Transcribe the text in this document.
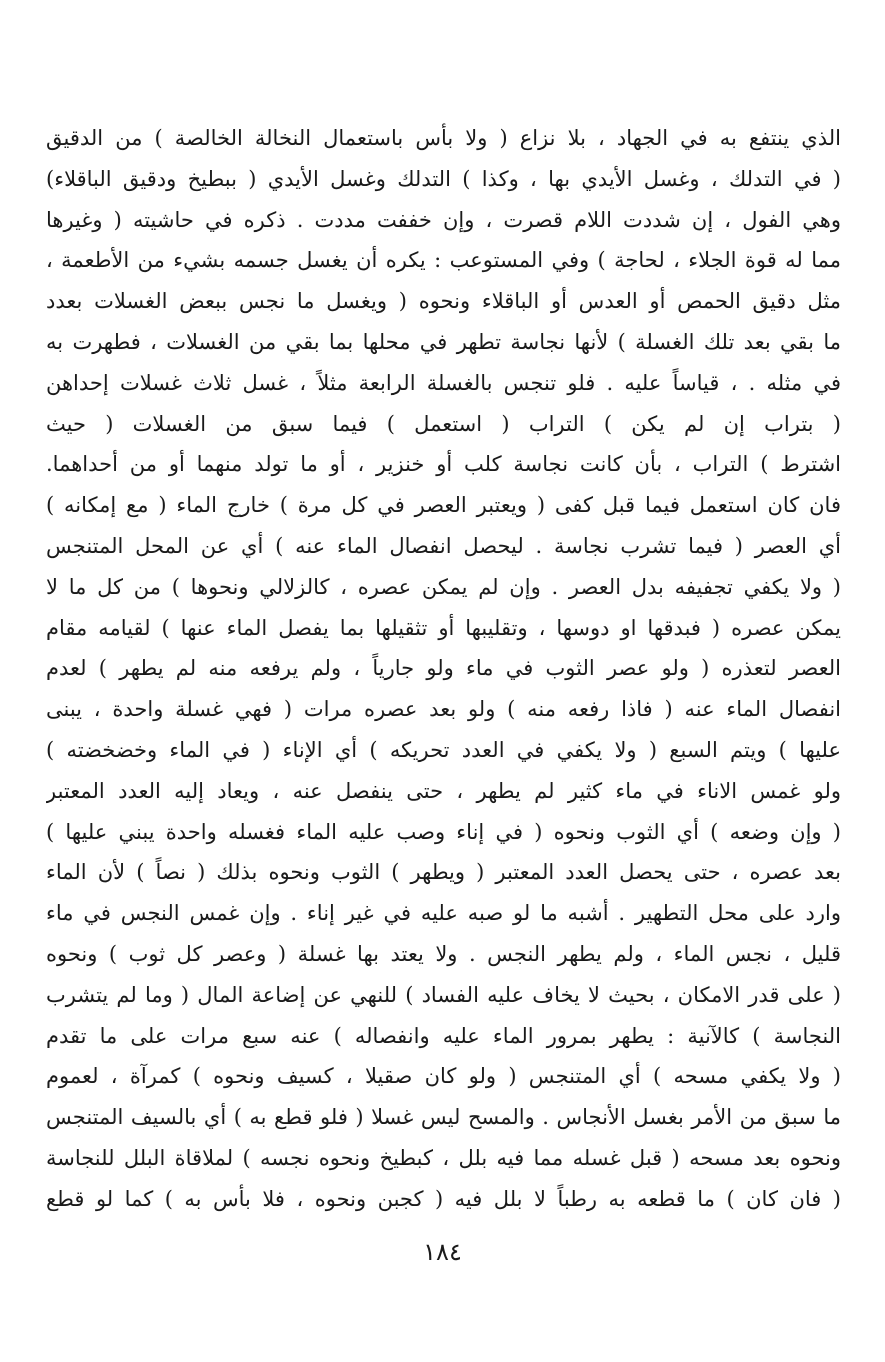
الذي ينتفع به في الجهاد ، بلا نزاع ( ولا بأس باستعمال النخالة الخالصة ) من الدقيق
( في التدلك ، وغسل الأيدي بها ، وكذا ) التدلك وغسل الأيدي ( ببطيخ ودقيق الباقلاء)
وهي الفول ، إن شددت اللام قصرت ، وإن خففت مددت . ذكره في حاشيته ( وغيرها
مما له قوة الجلاء ، لحاجة ) وفي المستوعب : يكره أن يغسل جسمه بشيء من الأطعمة ،
مثل دقيق الحمص أو العدس أو الباقلاء ونحوه ( ويغسل ما نجس ببعض الغسلات بعدد
ما بقي بعد تلك الغسلة ) لأنها نجاسة تطهر في محلها بما بقي من الغسلات ، فطهرت به
في مثله . ، قياساً عليه . فلو تنجس بالغسلة الرابعة مثلاً ، غسل ثلاث غسلات إحداهن
( بتراب إن لم يكن ) التراب ( استعمل ) فيما سبق من الغسلات ( حيث
اشترط ) التراب ، بأن كانت نجاسة كلب أو خنزير ، أو ما تولد منهما أو من أحداهما.
فان كان استعمل فيما قبل كفى ( ويعتبر العصر في كل مرة ) خارج الماء ( مع إمكانه )
أي العصر ( فيما تشرب نجاسة . ليحصل انفصال الماء عنه ) أي عن المحل المتنجس
( ولا يكفي تجفيفه بدل العصر . وإن لم يمكن عصره ، كالزلالي ونحوها ) من كل ما لا
يمكن عصره ( فبدقها او دوسها ، وتقليبها أو تثقيلها بما يفصل الماء عنها ) لقيامه مقام
العصر لتعذره ( ولو عصر الثوب في ماء ولو جارياً ، ولم يرفعه منه لم يطهر ) لعدم
انفصال الماء عنه ( فاذا رفعه منه ) ولو بعد عصره مرات ( فهي غسلة واحدة ، يبنى
عليها ) ويتم السبع ( ولا يكفي في العدد تحريكه ) أي الإناء ( في الماء وخضخضته )
ولو غمس الاناء في ماء كثير لم يطهر ، حتى ينفصل عنه ، ويعاد إليه العدد المعتبر
( وإن وضعه ) أي الثوب ونحوه ( في إناء وصب عليه الماء فغسله واحدة يبني عليها )
بعد عصره ، حتى يحصل العدد المعتبر ( ويطهر ) الثوب ونحوه بذلك ( نصاً ) لأن الماء
وارد على محل التطهير . أشبه ما لو صبه عليه في غير إناء . وإن غمس النجس في ماء
قليل ، نجس الماء ، ولم يطهر النجس . ولا يعتد بها غسلة ( وعصر كل ثوب ) ونحوه
( على قدر الامكان ، بحيث لا يخاف عليه الفساد ) للنهي عن إضاعة المال ( وما لم يتشرب
النجاسة ) كالآنية : يطهر بمرور الماء عليه وانفصاله ) عنه سبع مرات على ما تقدم
( ولا يكفي مسحه ) أي المتنجس ( ولو كان صقيلا ، كسيف ونحوه ) كمرآة ، لعموم
ما سبق من الأمر بغسل الأنجاس . والمسح ليس غسلا ( فلو قطع به ) أي بالسيف المتنجس
ونحوه بعد مسحه ( قبل غسله مما فيه بلل ، كبطيخ ونحوه نجسه ) لملاقاة البلل للنجاسة
( فان كان ) ما قطعه به رطباً لا بلل فيه ( كجبن ونحوه ، فلا بأس به ) كما لو قطع
١٨٤
